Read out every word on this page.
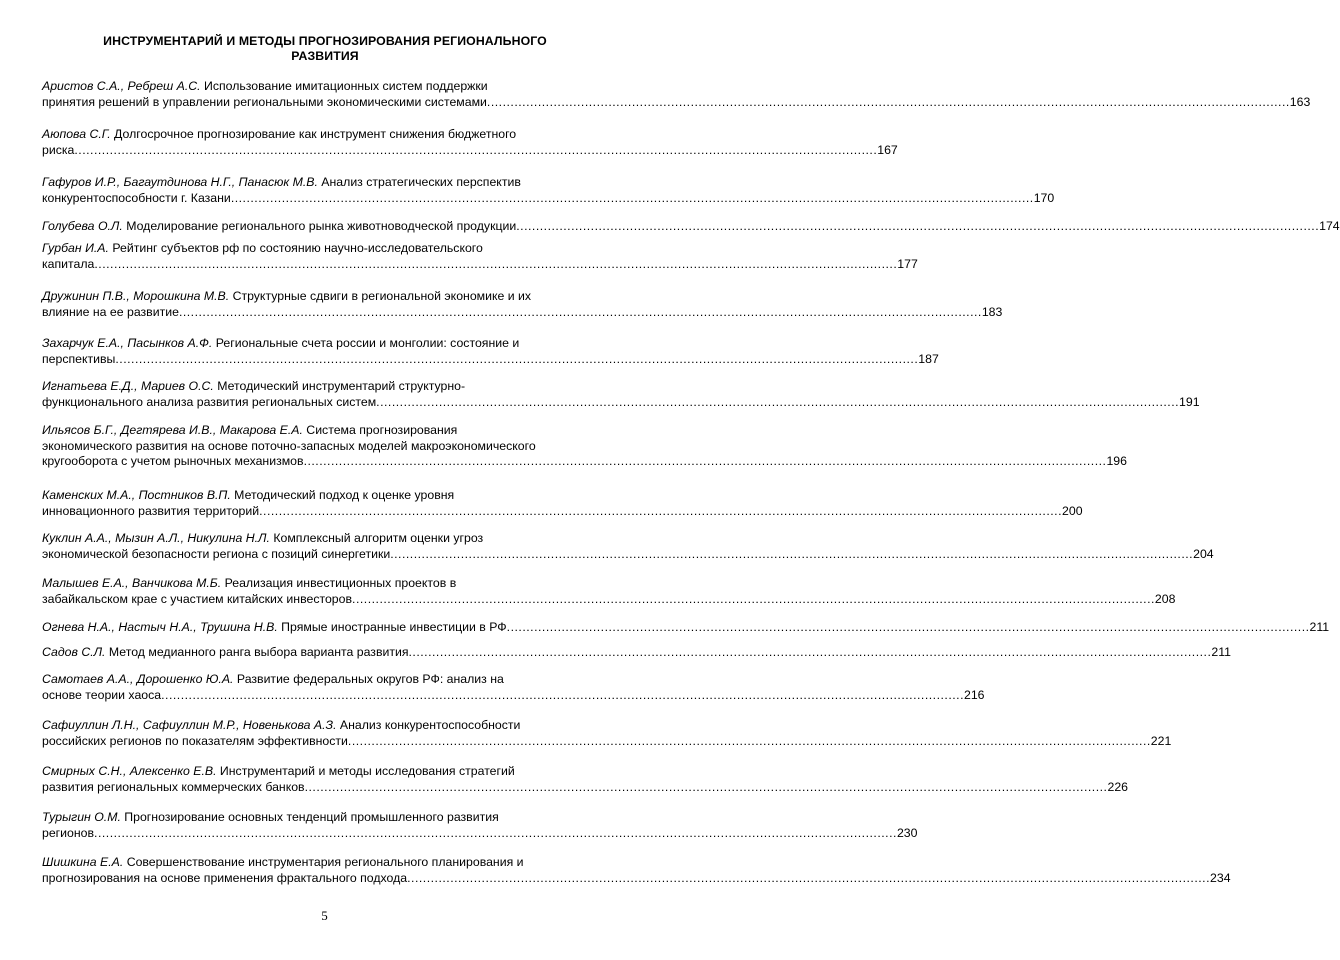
ИНСТРУМЕНТАРИЙ И МЕТОДЫ ПРОГНОЗИРОВАНИЯ РЕГИОНАЛЬНОГО
РАЗВИТИЯ
Аристов С.А., Ребреш А.С. Использование имитационных систем поддержки
принятия решений в управлении региональными экономическими системами .....	163
Аюпова С.Г. Долгосрочное прогнозирование как инструмент снижения бюджетного
риска .....	167
Гафуров И.Р., Багаутдинова Н.Г., Панасюк М.В. Анализ стратегических перспектив
конкурентоспособности г. Казани .....	170
Голубева О.Л. Моделирование регионального рынка животноводческой продукции .....	174
Гурбан И.А. Рейтинг субъектов рф по состоянию научно-исследовательского
капитала .....	177
Дружинин П.В., Морошкина М.В. Структурные сдвиги в региональной экономике и их
влияние на ее развитие .....	183
Захарчук Е.А., Пасынков А.Ф. Региональные счета россии и монголии: состояние и
перспективы .....	187
Игнатьева Е.Д., Мариев О.С. Методический инструментарий структурно-
функционального анализа развития региональных систем .....	191
Ильясов Б.Г., Дегтярева И.В., Макарова Е.А. Система прогнозирования
экономического развития на основе поточно-запасных моделей макроэкономического
кругооборота с учетом рыночных механизмов .....	196
Каменских М.А., Постников В.П. Методический подход к оценке уровня
инновационного развития территорий .....	200
Куклин А.А., Мызин А.Л., Никулина Н.Л. Комплексный алгоритм оценки угроз
экономической безопасности региона с позиций синергетики .....	204
Малышев Е.А., Ванчикова М.Б. Реализация инвестиционных проектов в
забайкальском крае с участием китайских инвесторов .....	208
Огнева Н.А., Настыч Н.А., Трушина Н.В. Прямые иностранные инвестиции в РФ .....	211
Садов С.Л. Метод медианного ранга выбора варианта развития .....	211
Самотаев А.А., Дорошенко Ю.А. Развитие федеральных округов РФ: анализ на
основе теории хаоса .....	216
Сафиуллин Л.Н., Сафиуллин М.Р., Новенькова А.З. Анализ конкурентоспособности
российских регионов по показателям эффективности .....	221
Смирных С.Н., Алексенко Е.В. Инструментарий и методы исследования стратегий
развития региональных коммерческих банков .....	226
Турыгин О.М. Прогнозирование основных тенденций промышленного развития
регионов .....	230
Шишкина Е.А. Совершенствование инструментария регионального планирования и
прогнозирования на основе применения фрактального подхода .....	234
5
